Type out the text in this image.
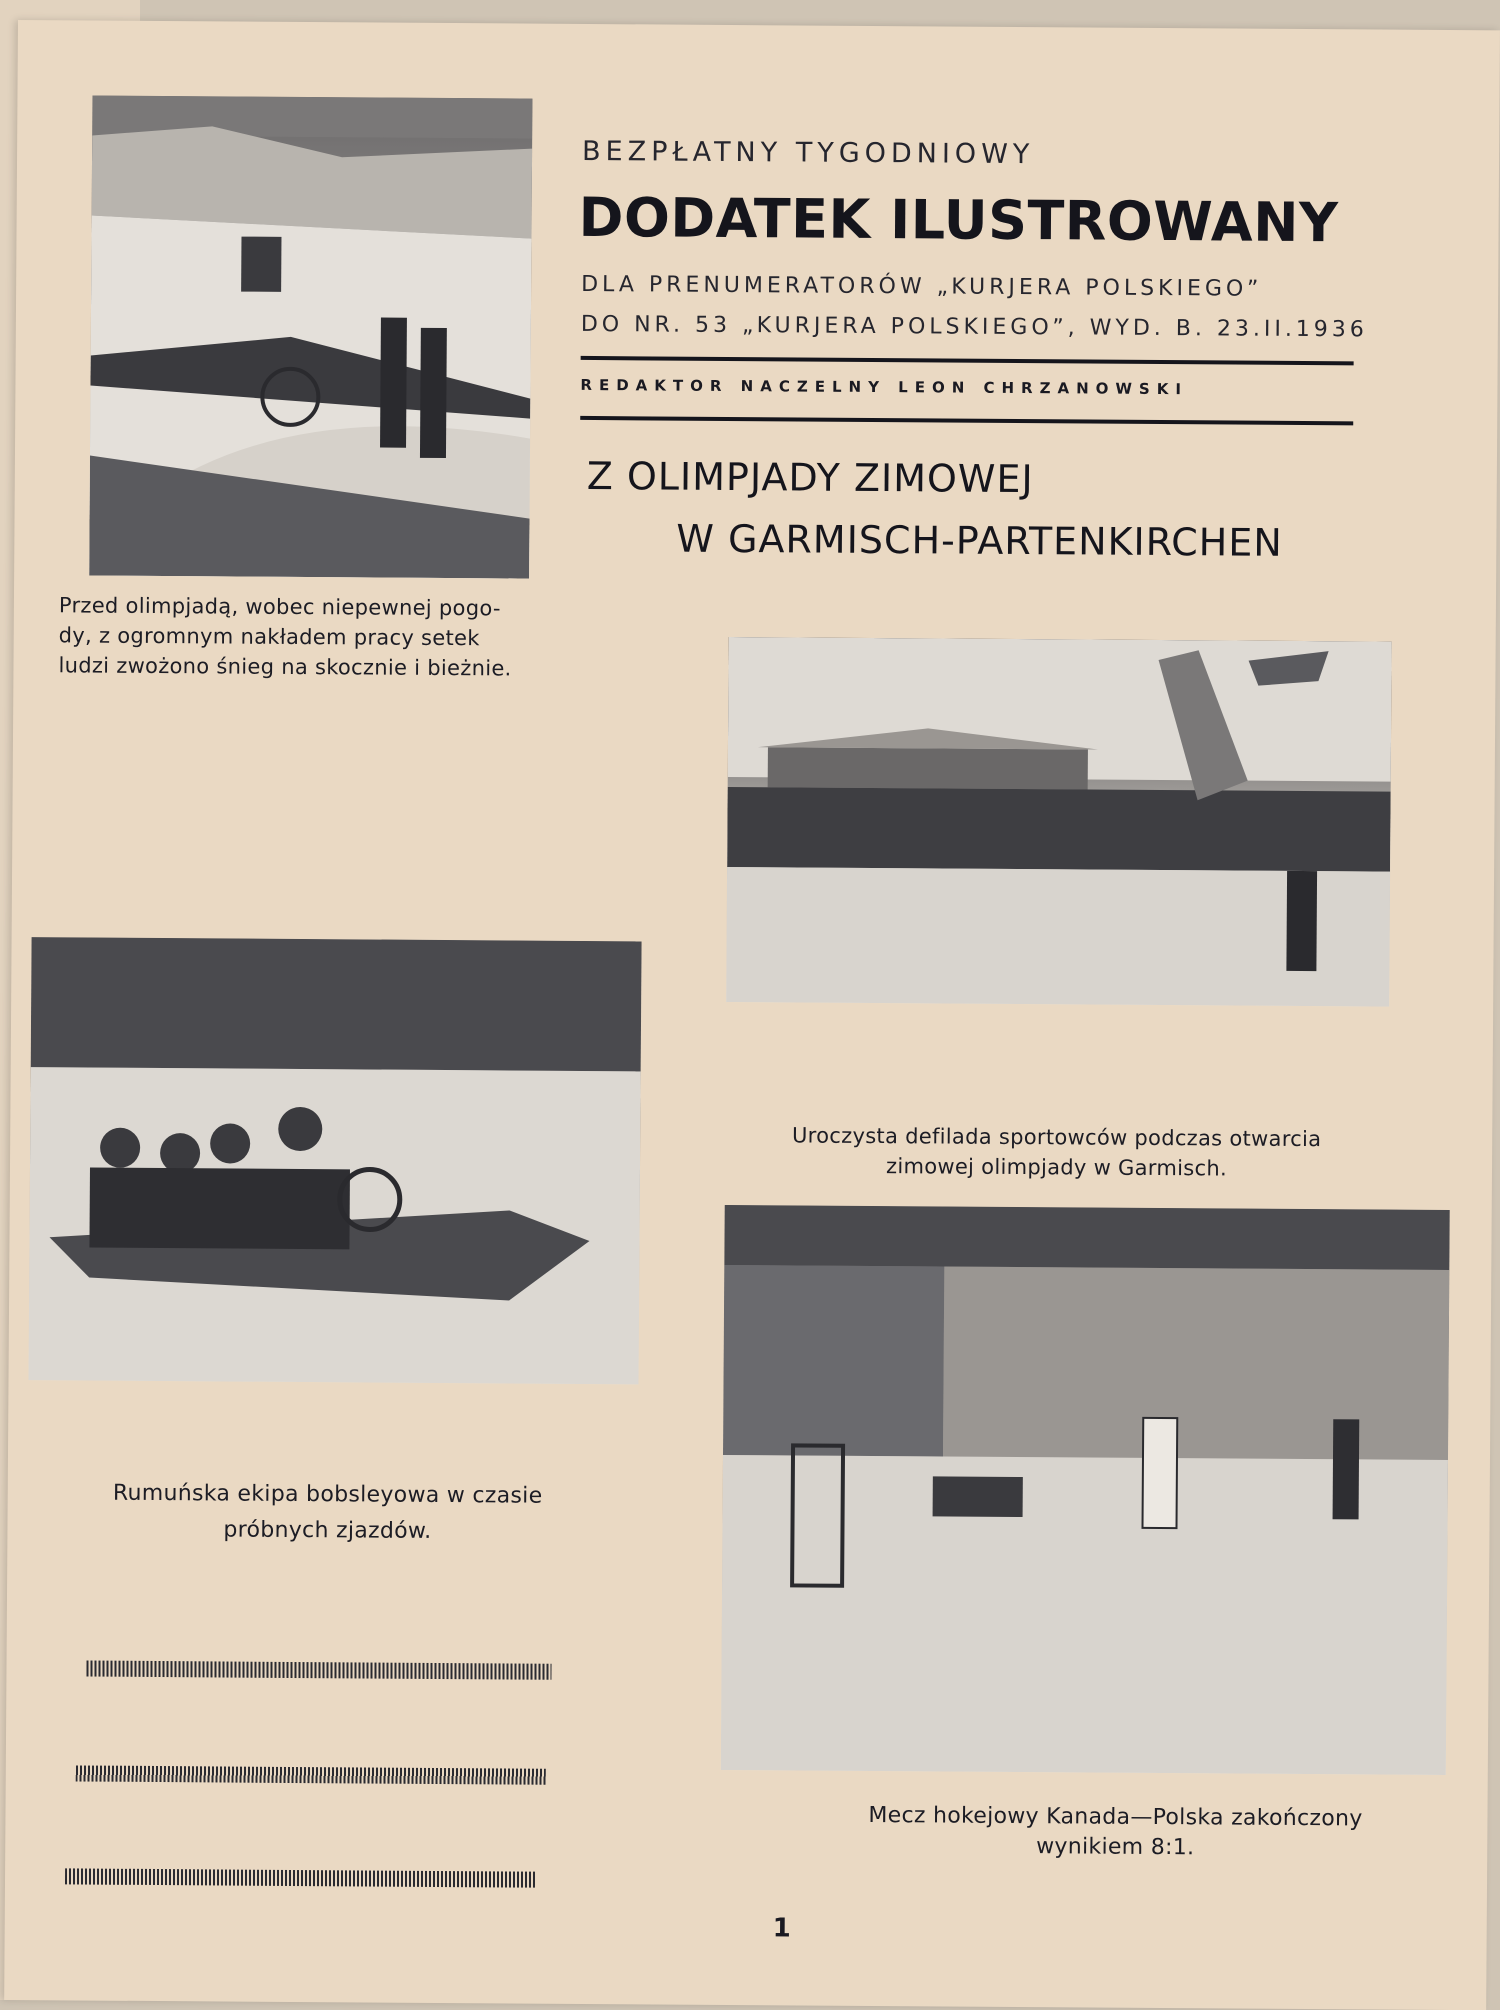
BEZPŁATNY TYGODNIOWY
DODATEK ILUSTROWANY
DLA PRENUMERATORÓW „KURJERA POLSKIEGO”
DO NR. 53 „KURJERA POLSKIEGO”, WYD. B. 23.II.1936
REDAKTOR NACZELNY LEON CHRZANOWSKI
Z OLIMPJADY ZIMOWEJ
W GARMISCH-PARTENKIRCHEN
Przed olimpjadą, wobec niepewnej pogo-
dy, z ogromnym nakładem pracy setek
ludzi zwożono śnieg na skocznie i bieżnie.
Uroczysta defilada sportowców podczas otwarcia
zimowej olimpjady w Garmisch.
Rumuńska ekipa bobsleyowa w czasie
próbnych zjazdów.
Mecz hokejowy Kanada—Polska zakończony
wynikiem 8:1.
1
